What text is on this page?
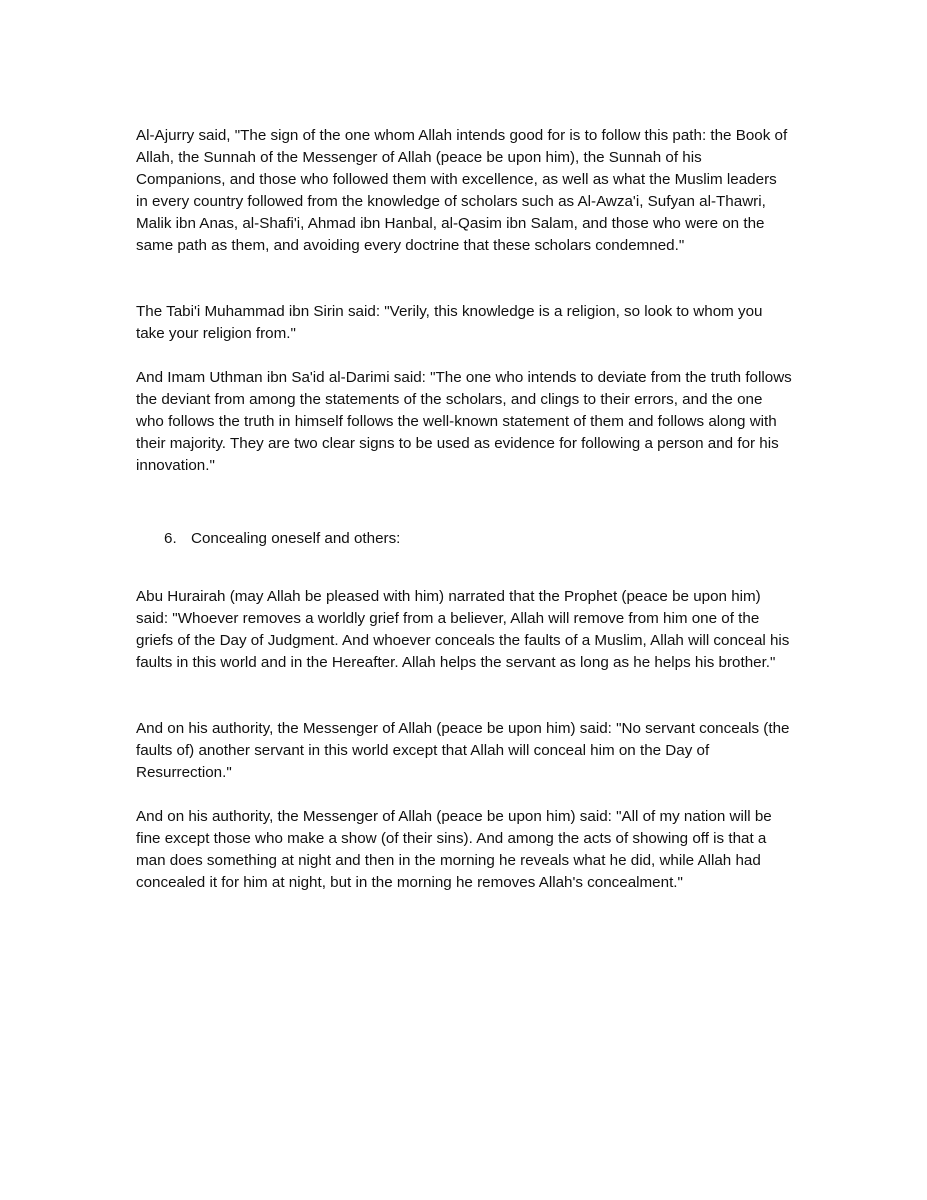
Al-Ajurry said, "The sign of the one whom Allah intends good for is to follow this path: the Book of Allah, the Sunnah of the Messenger of Allah (peace be upon him), the Sunnah of his Companions, and those who followed them with excellence, as well as what the Muslim leaders in every country followed from the knowledge of scholars such as Al-Awza'i, Sufyan al-Thawri, Malik ibn Anas, al-Shafi'i, Ahmad ibn Hanbal, al-Qasim ibn Salam, and those who were on the same path as them, and avoiding every doctrine that these scholars condemned."

The Tabi'i Muhammad ibn Sirin said: "Verily, this knowledge is a religion, so look to whom you take your religion from."

And Imam Uthman ibn Sa'id al-Darimi said: "The one who intends to deviate from the truth follows the deviant from among the statements of the scholars, and clings to their errors, and the one who follows the truth in himself follows the well-known statement of them and follows along with their majority. They are two clear signs to be used as evidence for following a person and for his innovation."

6. Concealing oneself and others:

Abu Hurairah (may Allah be pleased with him) narrated that the Prophet (peace be upon him) said: "Whoever removes a worldly grief from a believer, Allah will remove from him one of the griefs of the Day of Judgment. And whoever conceals the faults of a Muslim, Allah will conceal his faults in this world and in the Hereafter. Allah helps the servant as long as he helps his brother."

And on his authority, the Messenger of Allah (peace be upon him) said: "No servant conceals (the faults of) another servant in this world except that Allah will conceal him on the Day of Resurrection."

And on his authority, the Messenger of Allah (peace be upon him) said: "All of my nation will be fine except those who make a show (of their sins). And among the acts of showing off is that a man does something at night and then in the morning he reveals what he did, while Allah had concealed it for him at night, but in the morning he removes Allah's concealment."
